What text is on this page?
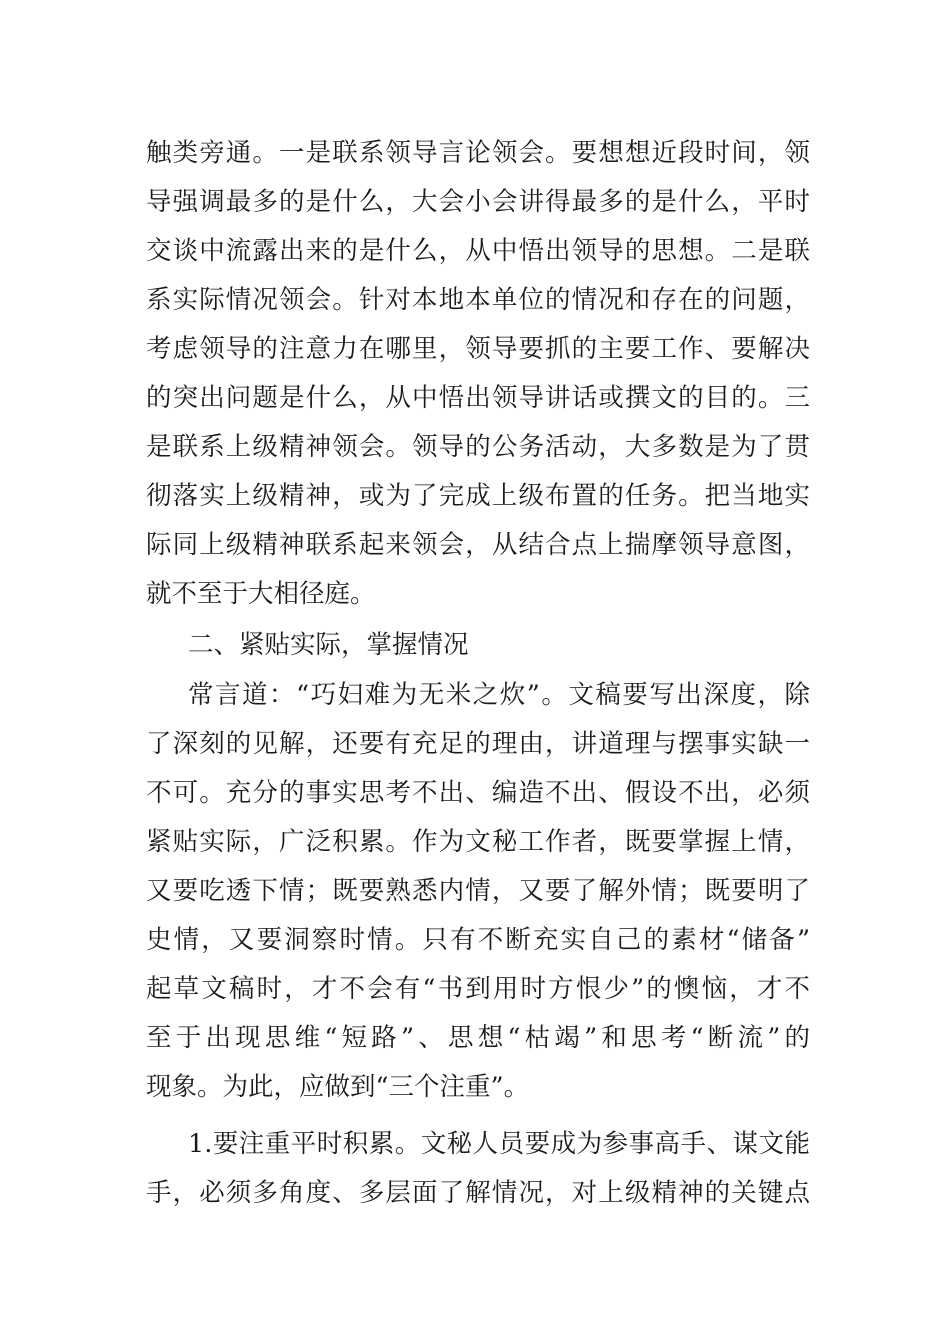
触类旁通。一是联系领导言论领会。要想想近段时间，领
导强调最多的是什么，大会小会讲得最多的是什么，平时
交谈中流露出来的是什么，从中悟出领导的思想。二是联
系实际情况领会。针对本地本单位的情况和存在的问题，
考虑领导的注意力在哪里，领导要抓的主要工作、要解决
的突出问题是什么，从中悟出领导讲话或撰文的目的。三
是联系上级精神领会。领导的公务活动，大多数是为了贯
彻落实上级精神，或为了完成上级布置的任务。把当地实
际同上级精神联系起来领会，从结合点上揣摩领导意图，
就不至于大相径庭。
二、紧贴实际，掌握情况
常言道：“巧妇难为无米之炊”。文稿要写出深度，除
了深刻的见解，还要有充足的理由，讲道理与摆事实缺一
不可。充分的事实思考不出、编造不出、假设不出，必须
紧贴实际，广泛积累。作为文秘工作者，既要掌握上情，
又要吃透下情；既要熟悉内情，又要了解外情；既要明了
史情，又要洞察时情。只有不断充实自己的素材“储备”
起草文稿时，才不会有“书到用时方恨少”的懊恼，才不
至于出现思维“短路”、思想“枯竭”和思考“断流”的
现象。为此，应做到“三个注重”。
1.要注重平时积累。文秘人员要成为参事高手、谋文能
手，必须多角度、多层面了解情况，对上级精神的关键点
